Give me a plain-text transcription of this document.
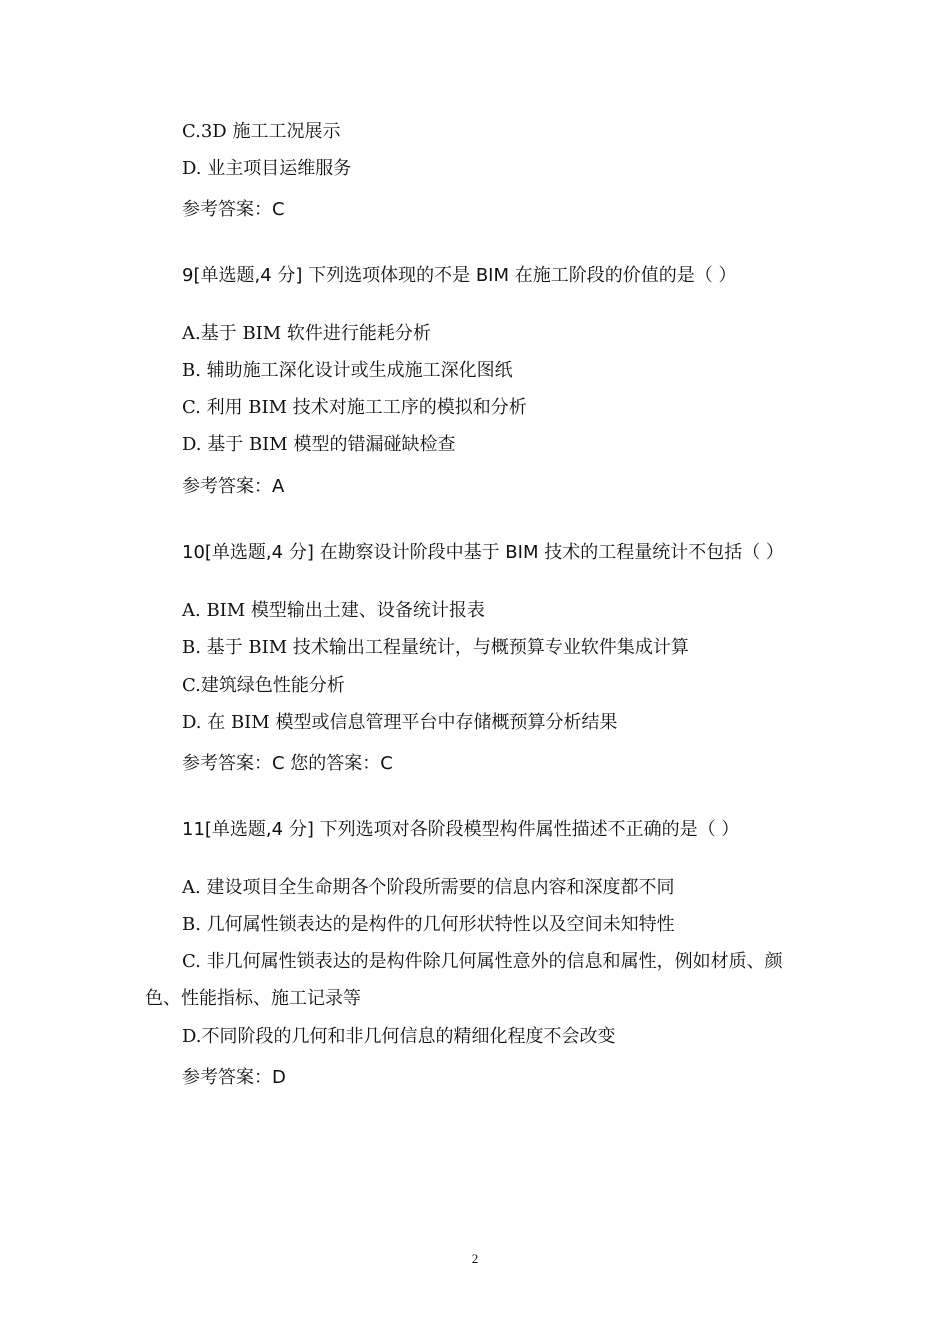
C.3D 施工工况展示
D. 业主项目运维服务
参考答案：C
9[单选题,4 分] 下列选项体现的不是 BIM 在施工阶段的价值的是（ ）
A.基于 BIM 软件进行能耗分析
B. 辅助施工深化设计或生成施工深化图纸
C. 利用 BIM 技术对施工工序的模拟和分析
D. 基于 BIM 模型的错漏碰缺检查
参考答案：A
10[单选题,4 分] 在勘察设计阶段中基于 BIM 技术的工程量统计不包括（ ）
A. BIM 模型输出土建、设备统计报表
B. 基于 BIM 技术输出工程量统计，与概预算专业软件集成计算
C.建筑绿色性能分析
D. 在 BIM 模型或信息管理平台中存储概预算分析结果
参考答案：C 您的答案：C
11[单选题,4 分] 下列选项对各阶段模型构件属性描述不正确的是（ ）
A. 建设项目全生命期各个阶段所需要的信息内容和深度都不同
B. 几何属性锁表达的是构件的几何形状特性以及空间未知特性
C. 非几何属性锁表达的是构件除几何属性意外的信息和属性，例如材质、颜
色、性能指标、施工记录等
D.不同阶段的几何和非几何信息的精细化程度不会改变
参考答案：D
2
